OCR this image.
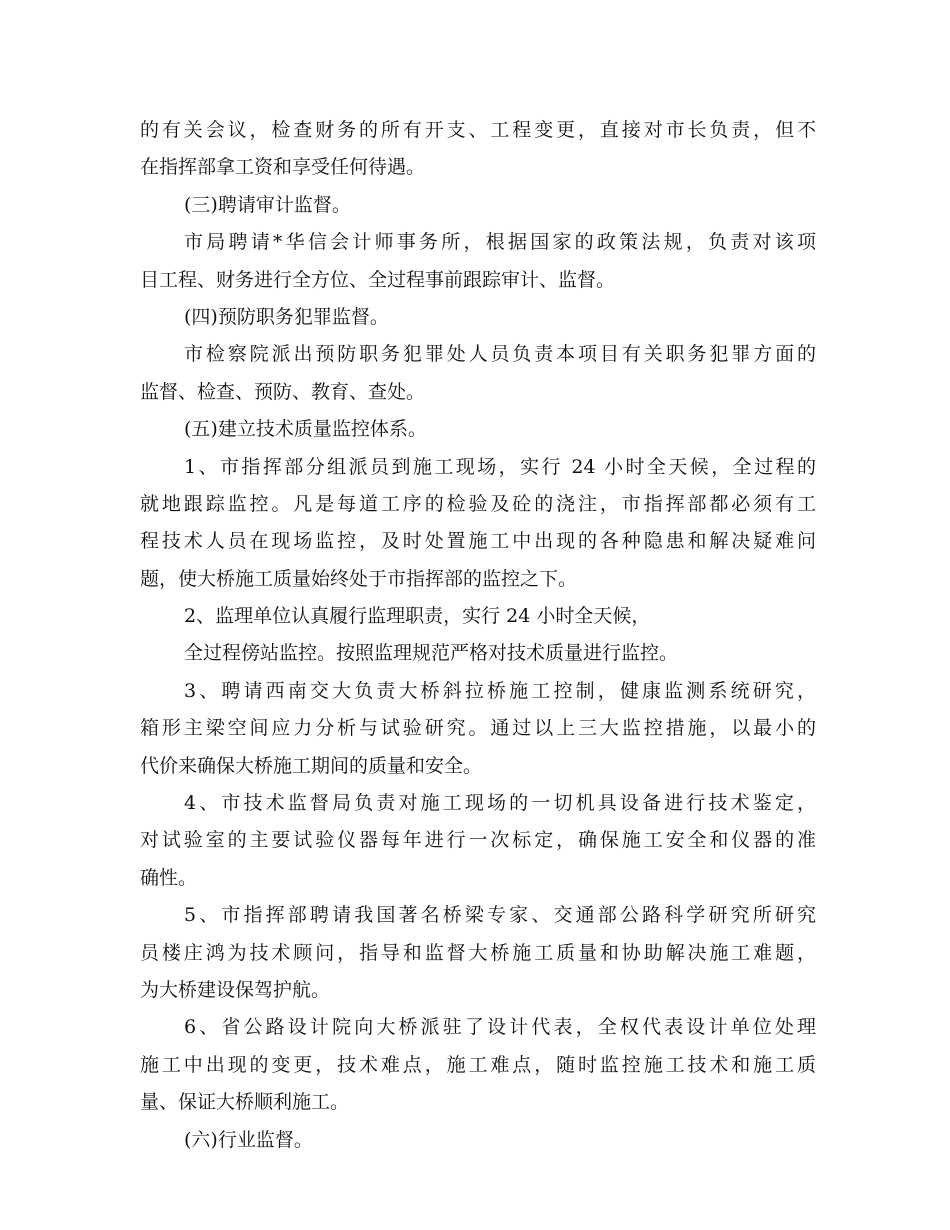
的有关会议，检查财务的所有开支、工程变更，直接对市长负责，但不
在指挥部拿工资和享受任何待遇。
(三)聘请审计监督。
市局聘请*华信会计师事务所，根据国家的政策法规，负责对该项
目工程、财务进行全方位、全过程事前跟踪审计、监督。
(四)预防职务犯罪监督。
市检察院派出预防职务犯罪处人员负责本项目有关职务犯罪方面的
监督、检查、预防、教育、查处。
(五)建立技术质量监控体系。
1、市指挥部分组派员到施工现场，实行 24 小时全天候，全过程的
就地跟踪监控。凡是每道工序的检验及砼的浇注，市指挥部都必须有工
程技术人员在现场监控，及时处置施工中出现的各种隐患和解决疑难问
题，使大桥施工质量始终处于市指挥部的监控之下。
2、监理单位认真履行监理职责，实行 24 小时全天候，
全过程傍站监控。按照监理规范严格对技术质量进行监控。
3、聘请西南交大负责大桥斜拉桥施工控制，健康监测系统研究，
箱形主梁空间应力分析与试验研究。通过以上三大监控措施，以最小的
代价来确保大桥施工期间的质量和安全。
4、市技术监督局负责对施工现场的一切机具设备进行技术鉴定，
对试验室的主要试验仪器每年进行一次标定，确保施工安全和仪器的准
确性。
5、市指挥部聘请我国著名桥梁专家、交通部公路科学研究所研究
员楼庄鸿为技术顾问，指导和监督大桥施工质量和协助解决施工难题，
为大桥建设保驾护航。
6、省公路设计院向大桥派驻了设计代表，全权代表设计单位处理
施工中出现的变更，技术难点，施工难点，随时监控施工技术和施工质
量、保证大桥顺利施工。
(六)行业监督。
